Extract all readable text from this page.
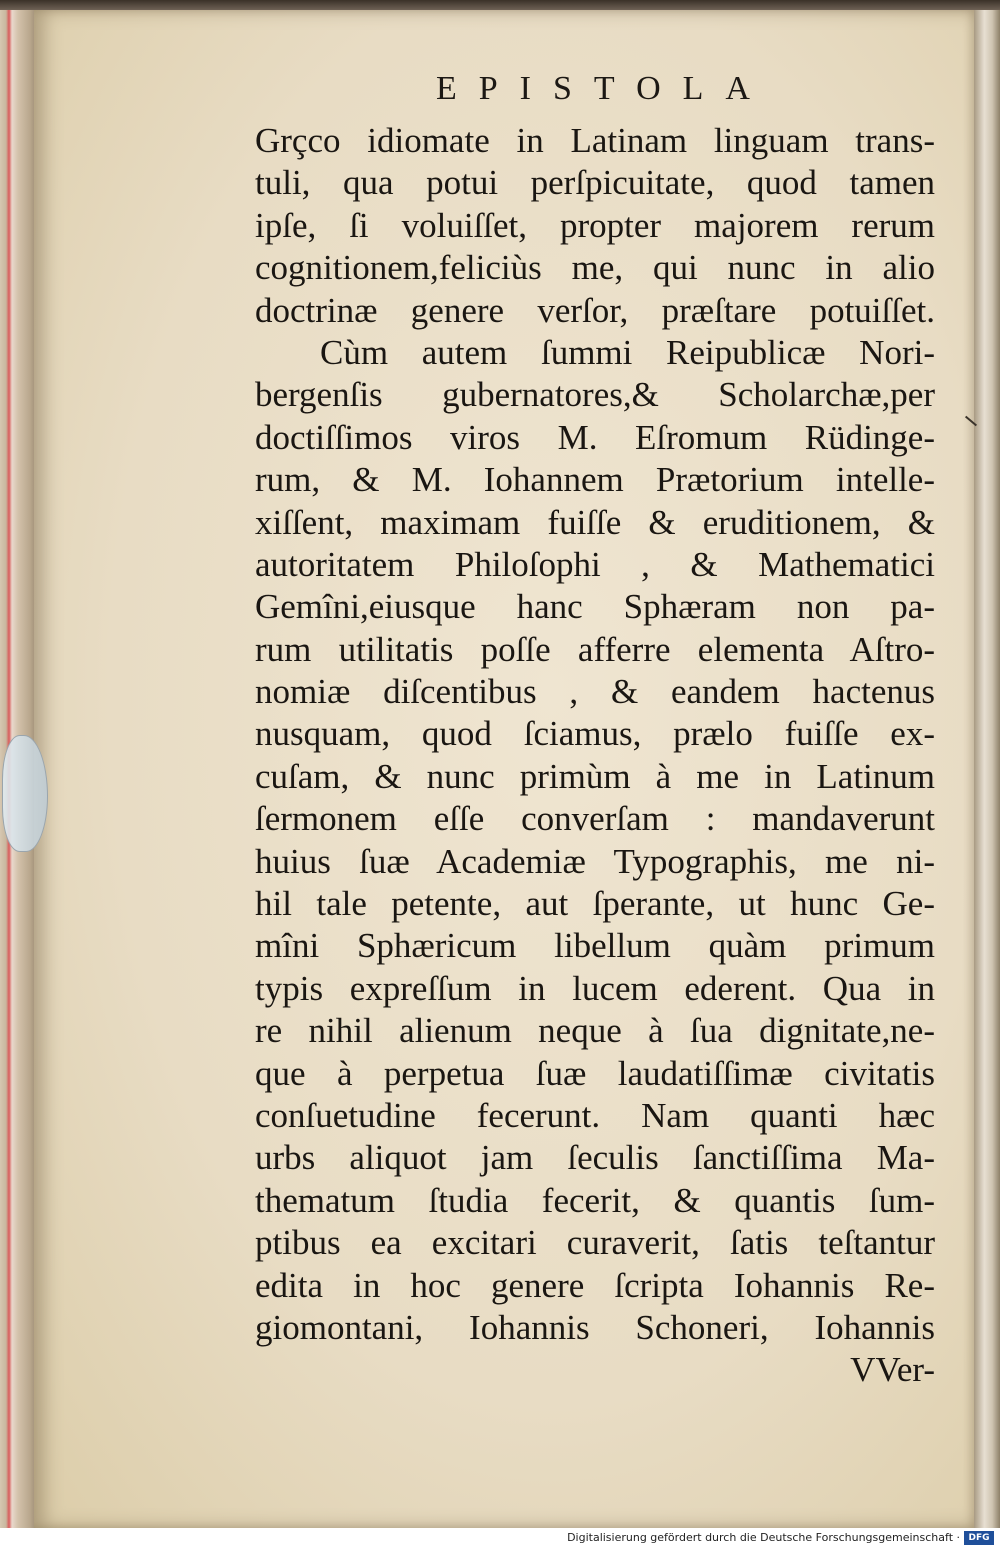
EPISTOLA
Grçco idiomate in Latinam linguam trans-
tuli, qua potui perſpicuitate, quod tamen
ipſe, ſi voluiſſet, propter majorem rerum
cognitionem,feliciùs me, qui nunc in alio
doctrinæ genere verſor, præſtare potuiſſet.
Cùm autem ſummi Reipublicæ Nori-
bergenſis gubernatores,& Scholarchæ,per
doctiſſimos viros M. Eſromum Rüdinge-
rum, & M. Iohannem Prætorium intelle-
xiſſent, maximam fuiſſe & eruditionem, &
autoritatem Philoſophi , & Mathematici
Gemîni,eiusque hanc Sphæram non pa-
rum utilitatis poſſe afferre elementa Aſtro-
nomiæ diſcentibus , & eandem hactenus
nusquam, quod ſciamus, prælo fuiſſe ex-
cuſam, & nunc primùm à me in Latinum
ſermonem eſſe converſam : mandaverunt
huius ſuæ Academiæ Typographis, me ni-
hil tale petente, aut ſperante, ut hunc Ge-
mîni Sphæricum libellum quàm primum
typis expreſſum in lucem ederent. Qua in
re nihil alienum neque à ſua dignitate,ne-
que à perpetua ſuæ laudatiſſimæ civitatis
conſuetudine fecerunt. Nam quanti hæc
urbs aliquot jam ſeculis ſanctiſſima Ma-
thematum ſtudia fecerit, & quantis ſum-
ptibus ea excitari curaverit, ſatis teſtantur
edita in hoc genere ſcripta Iohannis Re-
giomontani, Iohannis Schoneri, Iohannis
VVer-
Digitalisierung gefördert durch die Deutsche Forschungsgemeinschaft · DFG
